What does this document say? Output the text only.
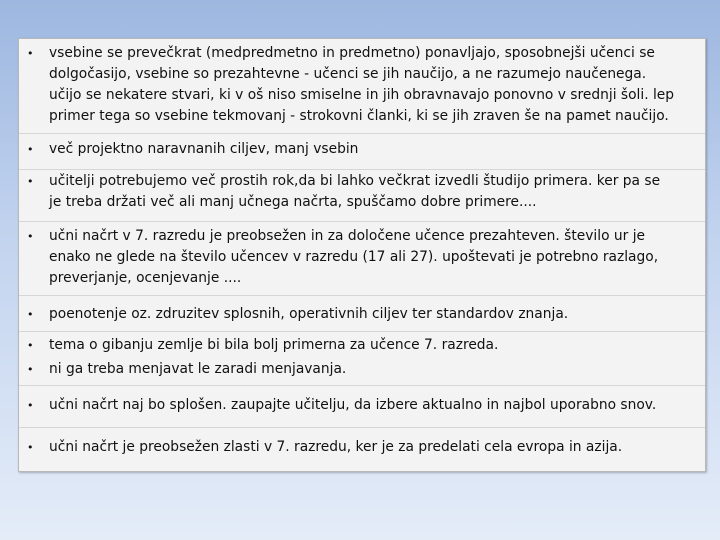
•	vsebine se prevečkrat (medpredmetno in predmetno) ponavljajo, sposobnejši učenci se
dolgočasijo, vsebine so prezahtevne - učenci se jih naučijo, a ne razumejo naučenega.
učijo se nekatere stvari, ki v oš niso smiselne in jih obravnavajo ponovno v srednji šoli. lep
primer tega so vsebine tekmovanj - strokovni članki, ki se jih zraven še na pamet naučijo.
•	več projektno naravnanih ciljev, manj vsebin
•	učitelji potrebujemo več prostih rok,da bi lahko večkrat izvedli študijo primera. ker pa se
je treba držati več ali manj učnega načrta, spuščamo dobre primere....
•	učni načrt v 7. razredu je preobsežen in za določene učence prezahteven. število ur je
enako ne glede na število učencev v razredu (17 ali 27). upoštevati je potrebno razlago,
preverjanje, ocenjevanje ....
•	poenotenje oz. zdruzitev splosnih, operativnih ciljev ter standardov znanja.
•	tema o gibanju zemlje bi bila bolj primerna za učence 7. razreda.
•	ni ga treba menjavat le zaradi menjavanja.
•	učni načrt naj bo splošen. zaupajte učitelju, da izbere aktualno in najbol uporabno snov.
•	učni načrt je preobsežen zlasti v 7. razredu, ker je za predelati cela evropa in azija.
